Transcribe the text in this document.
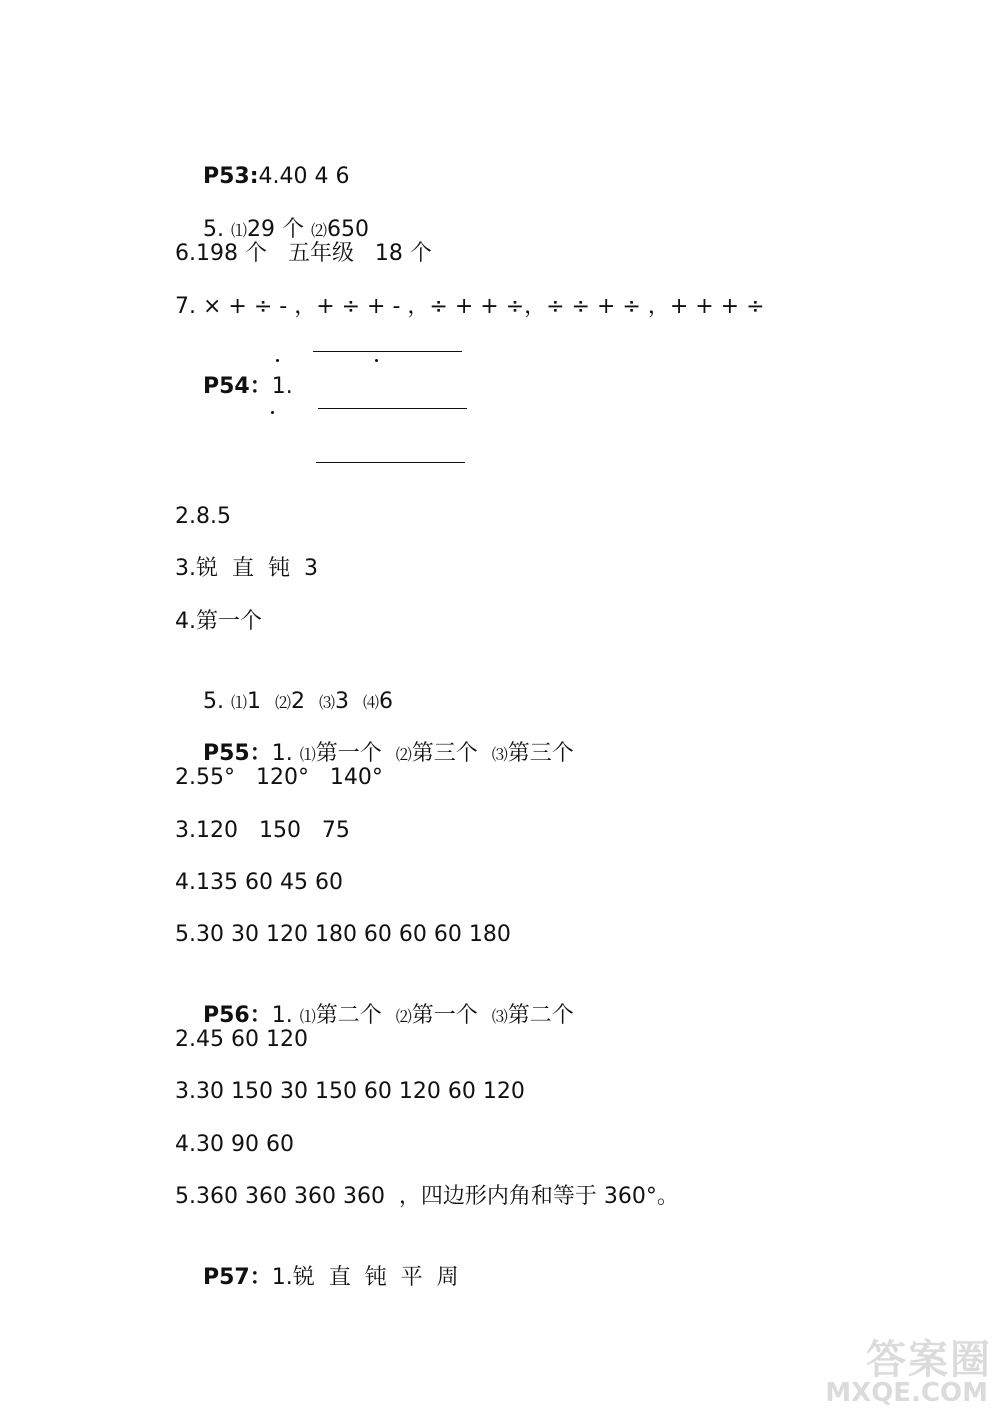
P53:4.40 4 6

5. ⑴29 个 ⑵650

6.198 个   五年级   18 个
7. × + ÷ - ，+ ÷ + - ，÷ + + ÷，÷ ÷ + ÷ ，+ + + ÷

P54：1.

2.8.5
3.锐  直  钝  3
4.第一个

5. ⑴1  ⑵2  ⑶3  ⑷6

P55：1. ⑴第一个  ⑵第三个  ⑶第三个

2.55°   120°   140°
3.120   150   75
4.135 60 45 60
5.30 30 120 180 60 60 60 180

P56：1. ⑴第二个  ⑵第一个  ⑶第二个

2.45 60 120
3.30 150 30 150 60 120 60 120
4.30 90 60
5.360 360 360 360  ，四边形内角和等于 360°。

P57：1.锐  直  钝  平  周

答案圈
MXQE.COM
